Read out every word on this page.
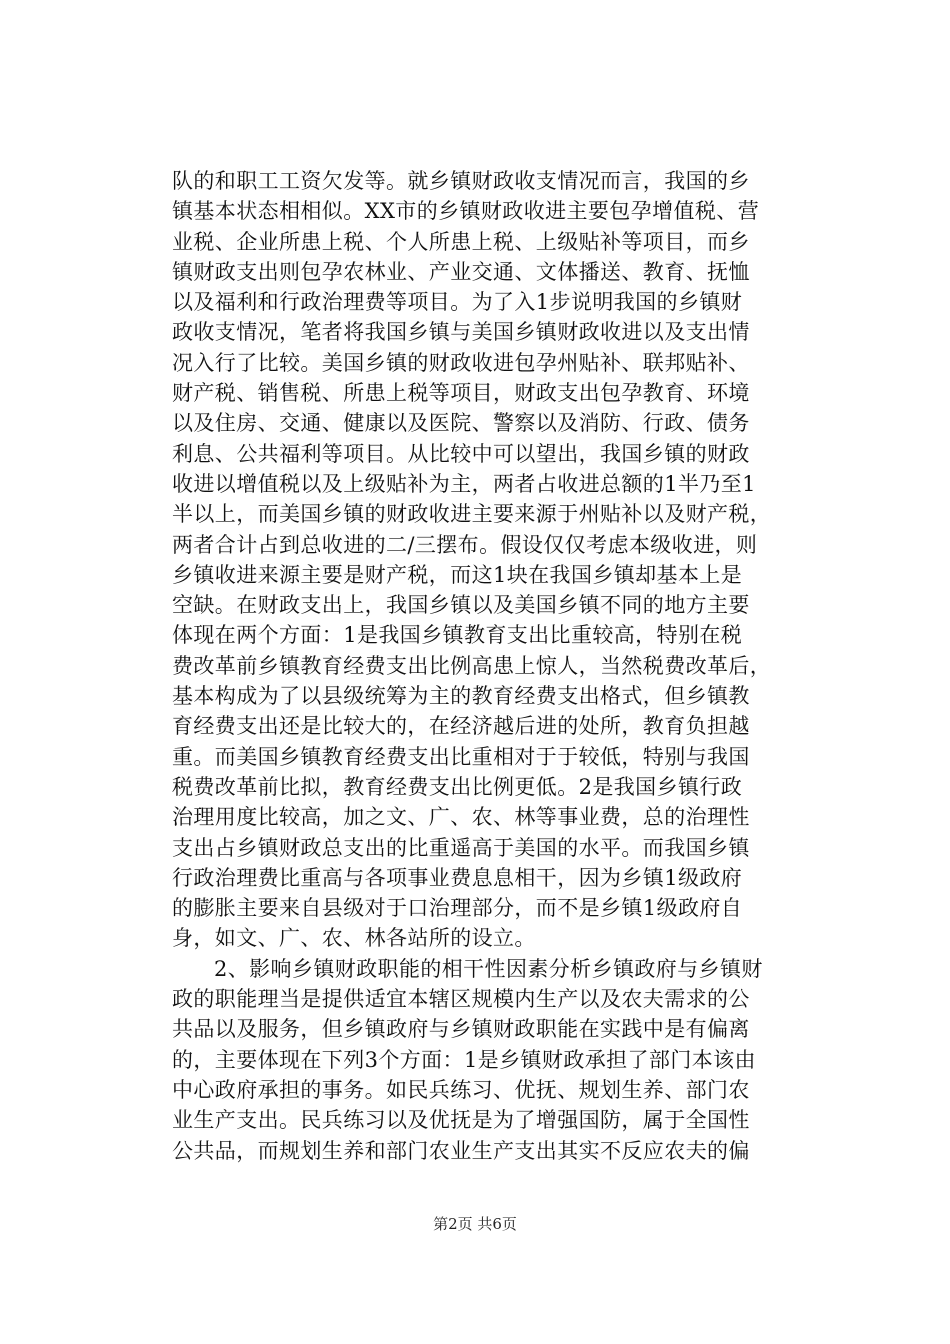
队的和职工工资欠发等。就乡镇财政收支情况而言，我国的乡
镇基本状态相相似。XX市的乡镇财政收进主要包孕增值税、营
业税、企业所患上税、个人所患上税、上级贴补等项目，而乡
镇财政支出则包孕农林业、产业交通、文体播送、教育、抚恤
以及福利和行政治理费等项目。为了入1步说明我国的乡镇财
政收支情况，笔者将我国乡镇与美国乡镇财政收进以及支出情
况入行了比较。美国乡镇的财政收进包孕州贴补、联邦贴补、
财产税、销售税、所患上税等项目，财政支出包孕教育、环境
以及住房、交通、健康以及医院、警察以及消防、行政、债务
利息、公共福利等项目。从比较中可以望出，我国乡镇的财政
收进以增值税以及上级贴补为主，两者占收进总额的1半乃至1
半以上，而美国乡镇的财政收进主要来源于州贴补以及财产税，
两者合计占到总收进的二/三摆布。假设仅仅考虑本级收进，则
乡镇收进来源主要是财产税，而这1块在我国乡镇却基本上是
空缺。在财政支出上，我国乡镇以及美国乡镇不同的地方主要
体现在两个方面：1是我国乡镇教育支出比重较高，特别在税
费改革前乡镇教育经费支出比例高患上惊人，当然税费改革后，
基本构成为了以县级统筹为主的教育经费支出格式，但乡镇教
育经费支出还是比较大的，在经济越后进的处所，教育负担越
重。而美国乡镇教育经费支出比重相对于于较低，特别与我国
税费改革前比拟，教育经费支出比例更低。2是我国乡镇行政
治理用度比较高，加之文、广、农、林等事业费，总的治理性
支出占乡镇财政总支出的比重遥高于美国的水平。而我国乡镇
行政治理费比重高与各项事业费息息相干，因为乡镇1级政府
的膨胀主要来自县级对于口治理部分，而不是乡镇1级政府自
身，如文、广、农、林各站所的设立。
2、影响乡镇财政职能的相干性因素分析乡镇政府与乡镇财
政的职能理当是提供适宜本辖区规模内生产以及农夫需求的公
共品以及服务，但乡镇政府与乡镇财政职能在实践中是有偏离
的，主要体现在下列3个方面：1是乡镇财政承担了部门本该由
中心政府承担的事务。如民兵练习、优抚、规划生养、部门农
业生产支出。民兵练习以及优抚是为了增强国防，属于全国性
公共品，而规划生养和部门农业生产支出其实不反应农夫的偏
第2页 共6页
